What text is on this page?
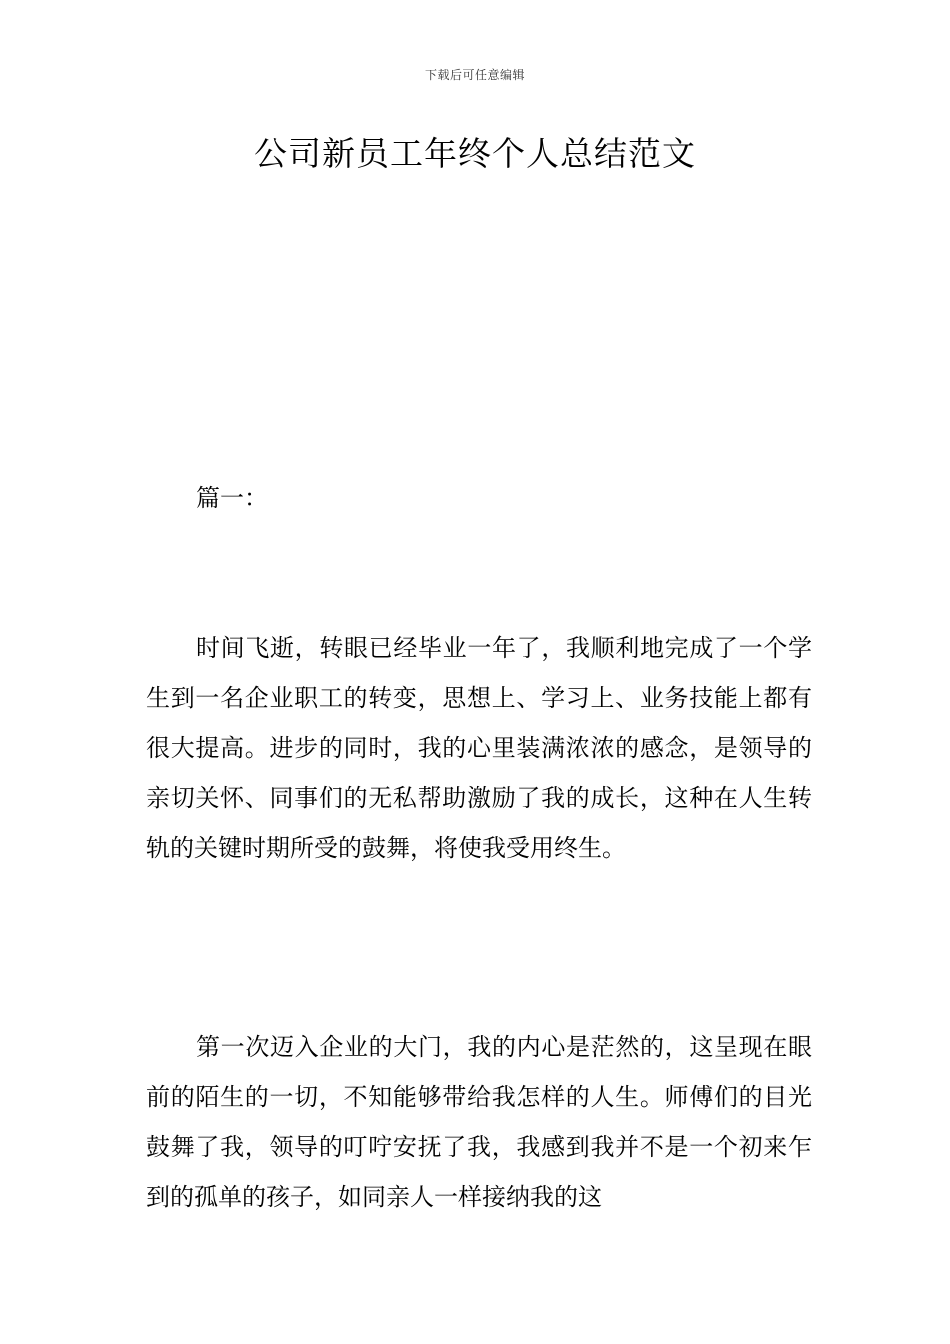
下载后可任意编辑
公司新员工年终个人总结范文

篇一：

时间飞逝，转眼已经毕业一年了，我顺利地完成了一个学生到一名企业职工的转变，思想上、学习上、业务技能上都有很大提高。进步的同时，我的心里装满浓浓的感念，是领导的亲切关怀、同事们的无私帮助激励了我的成长，这种在人生转轨的关键时期所受的鼓舞，将使我受用终生。

第一次迈入企业的大门，我的内心是茫然的，这呈现在眼前的陌生的一切，不知能够带给我怎样的人生。师傅们的目光鼓舞了我，领导的叮咛安抚了我，我感到我并不是一个初来乍到的孤单的孩子，如同亲人一样接纳我的这
